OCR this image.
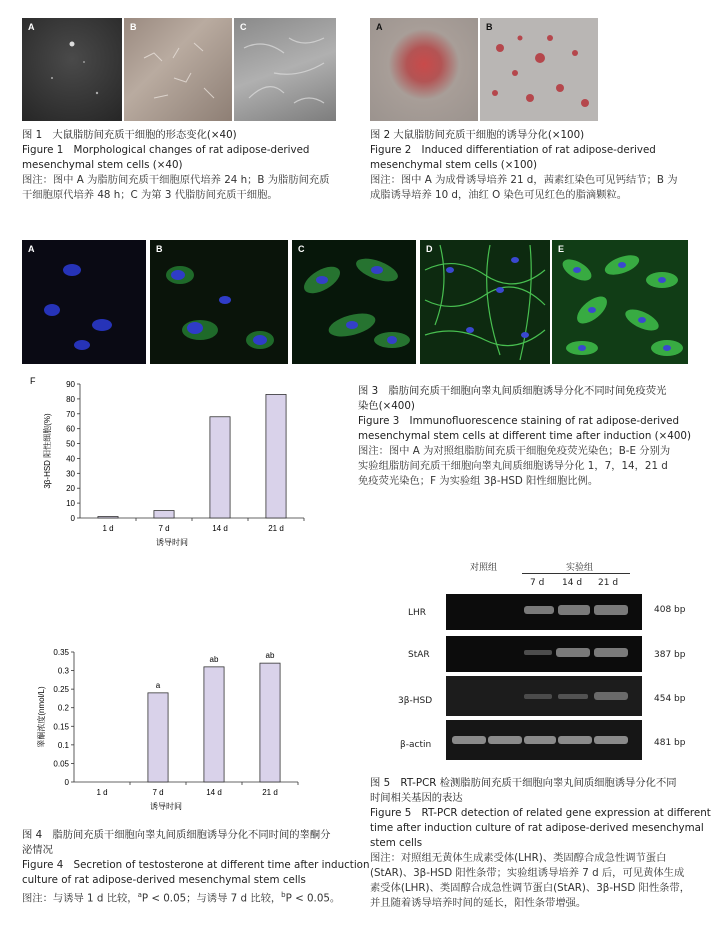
A	B	C
图 1　大鼠脂肪间充质干细胞的形态变化(×40)
Figure 1　Morphological changes of rat adipose-derived
mesenchymal stem cells (×40)
图注：图中 A 为脂肪间充质干细胞原代培养 24 h；B 为脂肪间充质
干细胞原代培养 48 h；C 为第 3 代脂肪间充质干细胞。
A	B
图 2 大鼠脂肪间充质干细胞的诱导分化(×100)
Figure 2　Induced differentiation of rat adipose-derived
mesenchymal stem cells (×100)
图注：图中 A 为成骨诱导培养 21 d，茜素红染色可见钙结节；B 为
成脂诱导培养 10 d，油红 O 染色可见红色的脂滴颗粒。
A	B	C	D	E
F
0
10
20
30
40
50
60
70
80
90
1 d	7 d	14 d	21 d
诱导时间
3β-HSD 阳性细胞(%)
图 3　脂肪间充质干细胞向睾丸间质细胞诱导分化不同时间免疫荧光
染色(×400)
Figure 3　Immunofluorescence staining of rat adipose-derived
mesenchymal stem cells at different time after induction (×400)
图注：图中 A 为对照组脂肪间充质干细胞免疫荧光染色；B-E 分别为
实验组脂肪间充质干细胞向睾丸间质细胞诱导分化 1，7，14，21 d
免疫荧光染色；F 为实验组 3β-HSD 阳性细胞比例。
0
0.05
0.1
0.15
0.2
0.25
0.3
0.35
1 d	7 d
a
14 d
ab
21 d
ab
诱导时间
睾酮浓度(nmol/L)
图 4　脂肪间充质干细胞向睾丸间质细胞诱导分化不同时间的睾酮分
泌情况
Figure 4　Secretion of testosterone at different time after induction
culture of rat adipose-derived mesenchymal stem cells
图注：与诱导 1 d 比较，$^a$P < 0.05；与诱导 7 d 比较，$^b$P < 0.05。
对照组	实验组
7 d 14 d 21 d
LHR
StAR
3β-HSD
β-actin
408 bp
387 bp
454 bp
481 bp
图 5　RT-PCR 检测脂肪间充质干细胞向睾丸间质细胞诱导分化不同
时间相关基因的表达
Figure 5　RT-PCR detection of related gene expression at different
time after induction culture of rat adipose-derived mesenchymal
stem cells
图注：对照组无黄体生成素受体(LHR)、类固醇合成急性调节蛋白
(StAR)、3β-HSD 阳性条带；实验组诱导培养 7 d 后，可见黄体生成
素受体(LHR)、类固醇合成急性调节蛋白(StAR)、3β-HSD 阳性条带，
并且随着诱导培养时间的延长，阳性条带增强。
